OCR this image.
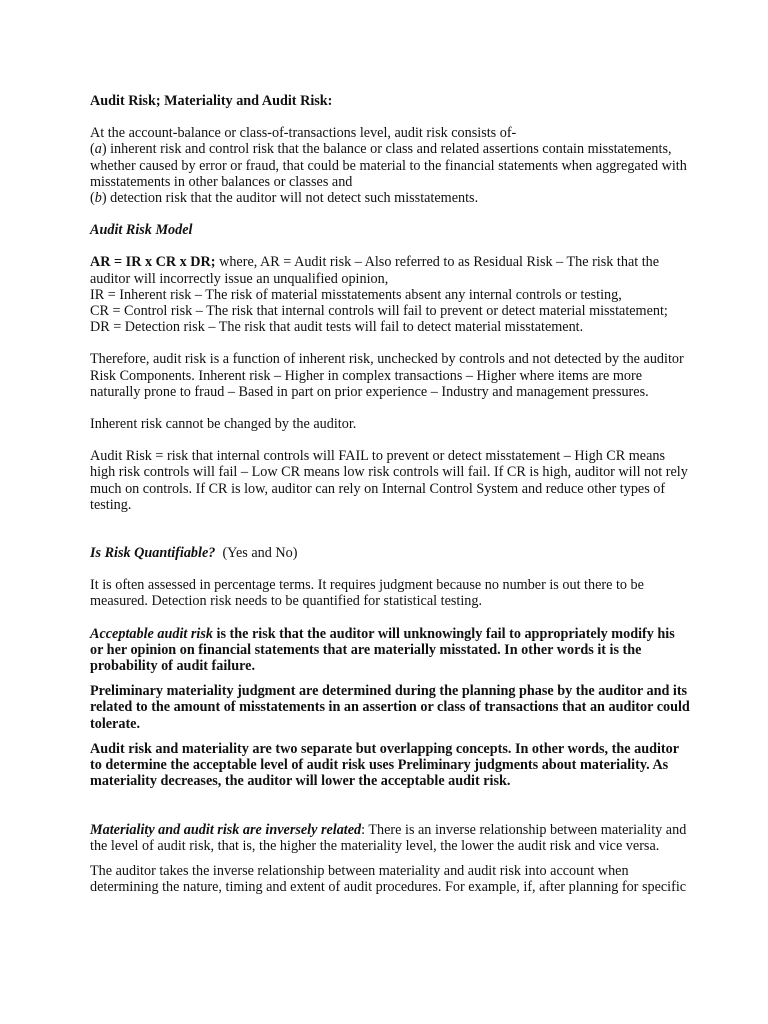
Audit Risk; Materiality and Audit Risk:

At the account-balance or class-of-transactions level, audit risk consists of-

(a) inherent risk and control risk that the balance or class and related assertions contain misstatements, whether caused by error or fraud, that could be material to the financial statements when aggregated with misstatements in other balances or classes and

(b) detection risk that the auditor will not detect such misstatements.

Audit Risk Model

AR = IR x CR x DR; where, AR = Audit risk – Also referred to as Residual Risk – The risk that the auditor will incorrectly issue an unqualified opinion,

IR = Inherent risk – The risk of material misstatements absent any internal controls or testing,

CR = Control risk – The risk that internal controls will fail to prevent or detect material misstatement;

DR = Detection risk – The risk that audit tests will fail to detect material misstatement.

Therefore, audit risk is a function of inherent risk, unchecked by controls and not detected by the auditor Risk Components. Inherent risk – Higher in complex transactions – Higher where items are more naturally prone to fraud – Based in part on prior experience – Industry and management pressures.

Inherent risk cannot be changed by the auditor.

Audit Risk = risk that internal controls will FAIL to prevent or detect misstatement – High CR means high risk controls will fail – Low CR means low risk controls will fail. If CR is high, auditor will not rely much on controls. If CR is low, auditor can rely on Internal Control System and reduce other types of testing.

Is Risk Quantifiable?  (Yes and No)

It is often assessed in percentage terms. It requires judgment because no number is out there to be measured. Detection risk needs to be quantified for statistical testing.

Acceptable audit risk is the risk that the auditor will unknowingly fail to appropriately modify his or her opinion on financial statements that are materially misstated. In other words it is the probability of audit failure.

Preliminary materiality judgment are determined during the planning phase by the auditor and its related to the amount of misstatements in an assertion or class of transactions that an auditor could tolerate.

Audit risk and materiality are two separate but overlapping concepts. In other words, the auditor to determine the acceptable level of audit risk uses Preliminary judgments about materiality. As materiality decreases, the auditor will lower the acceptable audit risk.

Materiality and audit risk are inversely related: There is an inverse relationship between materiality and the level of audit risk, that is, the higher the materiality level, the lower the audit risk and vice versa.

The auditor takes the inverse relationship between materiality and audit risk into account when determining the nature, timing and extent of audit procedures. For example, if, after planning for specific
